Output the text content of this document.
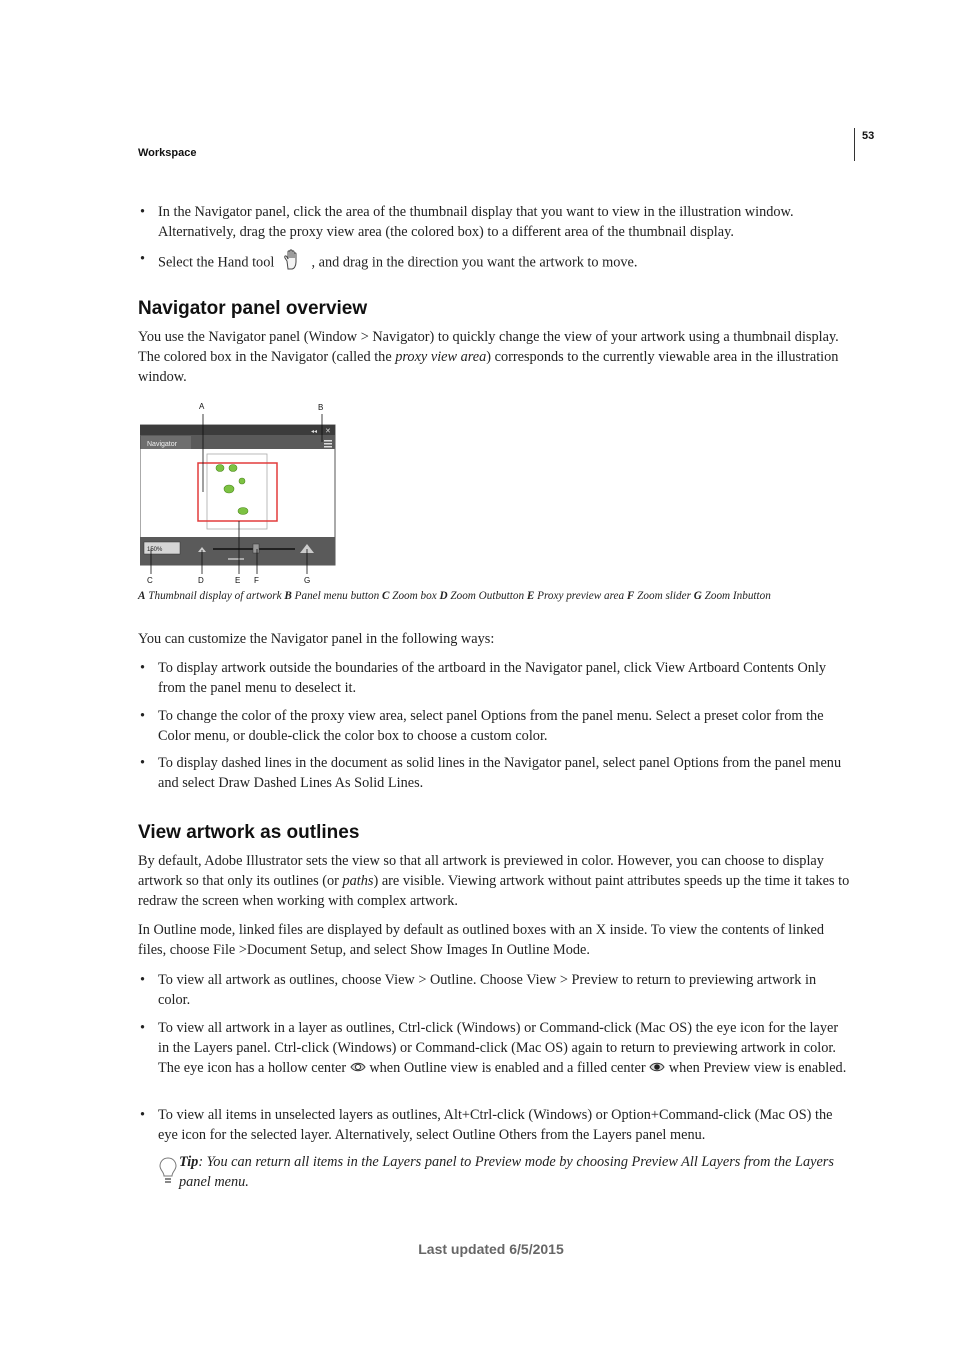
Workspace
53
• In the Navigator panel, click the area of the thumbnail display that you want to view in the illustration window. Alternatively, drag the proxy view area (the colored box) to a different area of the thumbnail display.
• Select the Hand tool	, and drag in the direction you want the artwork to move.
Navigator panel overview
You use the Navigator panel (Window > Navigator) to quickly change the view of your artwork using a thumbnail display. The colored box in the Navigator (called the proxy view area) corresponds to the currently viewable area in the illustration window.
◂◂ ✕
Navigator
150%
A	B
C	D	E F	G
A Thumbnail display of artwork B Panel menu button C Zoom box D Zoom Outbutton E Proxy preview area F Zoom slider G Zoom Inbutton
You can customize the Navigator panel in the following ways:
• To display artwork outside the boundaries of the artboard in the Navigator panel, click View Artboard Contents Only from the panel menu to deselect it.
• To change the color of the proxy view area, select panel Options from the panel menu. Select a preset color from the Color menu, or double-click the color box to choose a custom color.
• To display dashed lines in the document as solid lines in the Navigator panel, select panel Options from the panel menu and select Draw Dashed Lines As Solid Lines.
View artwork as outlines
By default, Adobe Illustrator sets the view so that all artwork is previewed in color. However, you can choose to display artwork so that only its outlines (or paths) are visible. Viewing artwork without paint attributes speeds up the time it takes to redraw the screen when working with complex artwork.
In Outline mode, linked files are displayed by default as outlined boxes with an X inside. To view the contents of linked files, choose File >Document Setup, and select Show Images In Outline Mode.
• To view all artwork as outlines, choose View > Outline. Choose View > Preview to return to previewing artwork in color.
• To view all artwork in a layer as outlines, Ctrl-click (Windows) or Command-click (Mac OS) the eye icon for the layer in the Layers panel. Ctrl-click (Windows) or Command-click (Mac OS) again to return to previewing artwork in color. The eye icon has a hollow center when Outline view is enabled and a filled center when Preview view is enabled.
• To view all items in unselected layers as outlines, Alt+Ctrl-click (Windows) or Option+Command-click (Mac OS) the eye icon for the selected layer. Alternatively, select Outline Others from the Layers panel menu.
Tip: You can return all items in the Layers panel to Preview mode by choosing Preview All Layers from the Layers panel menu.
Last updated 6/5/2015
